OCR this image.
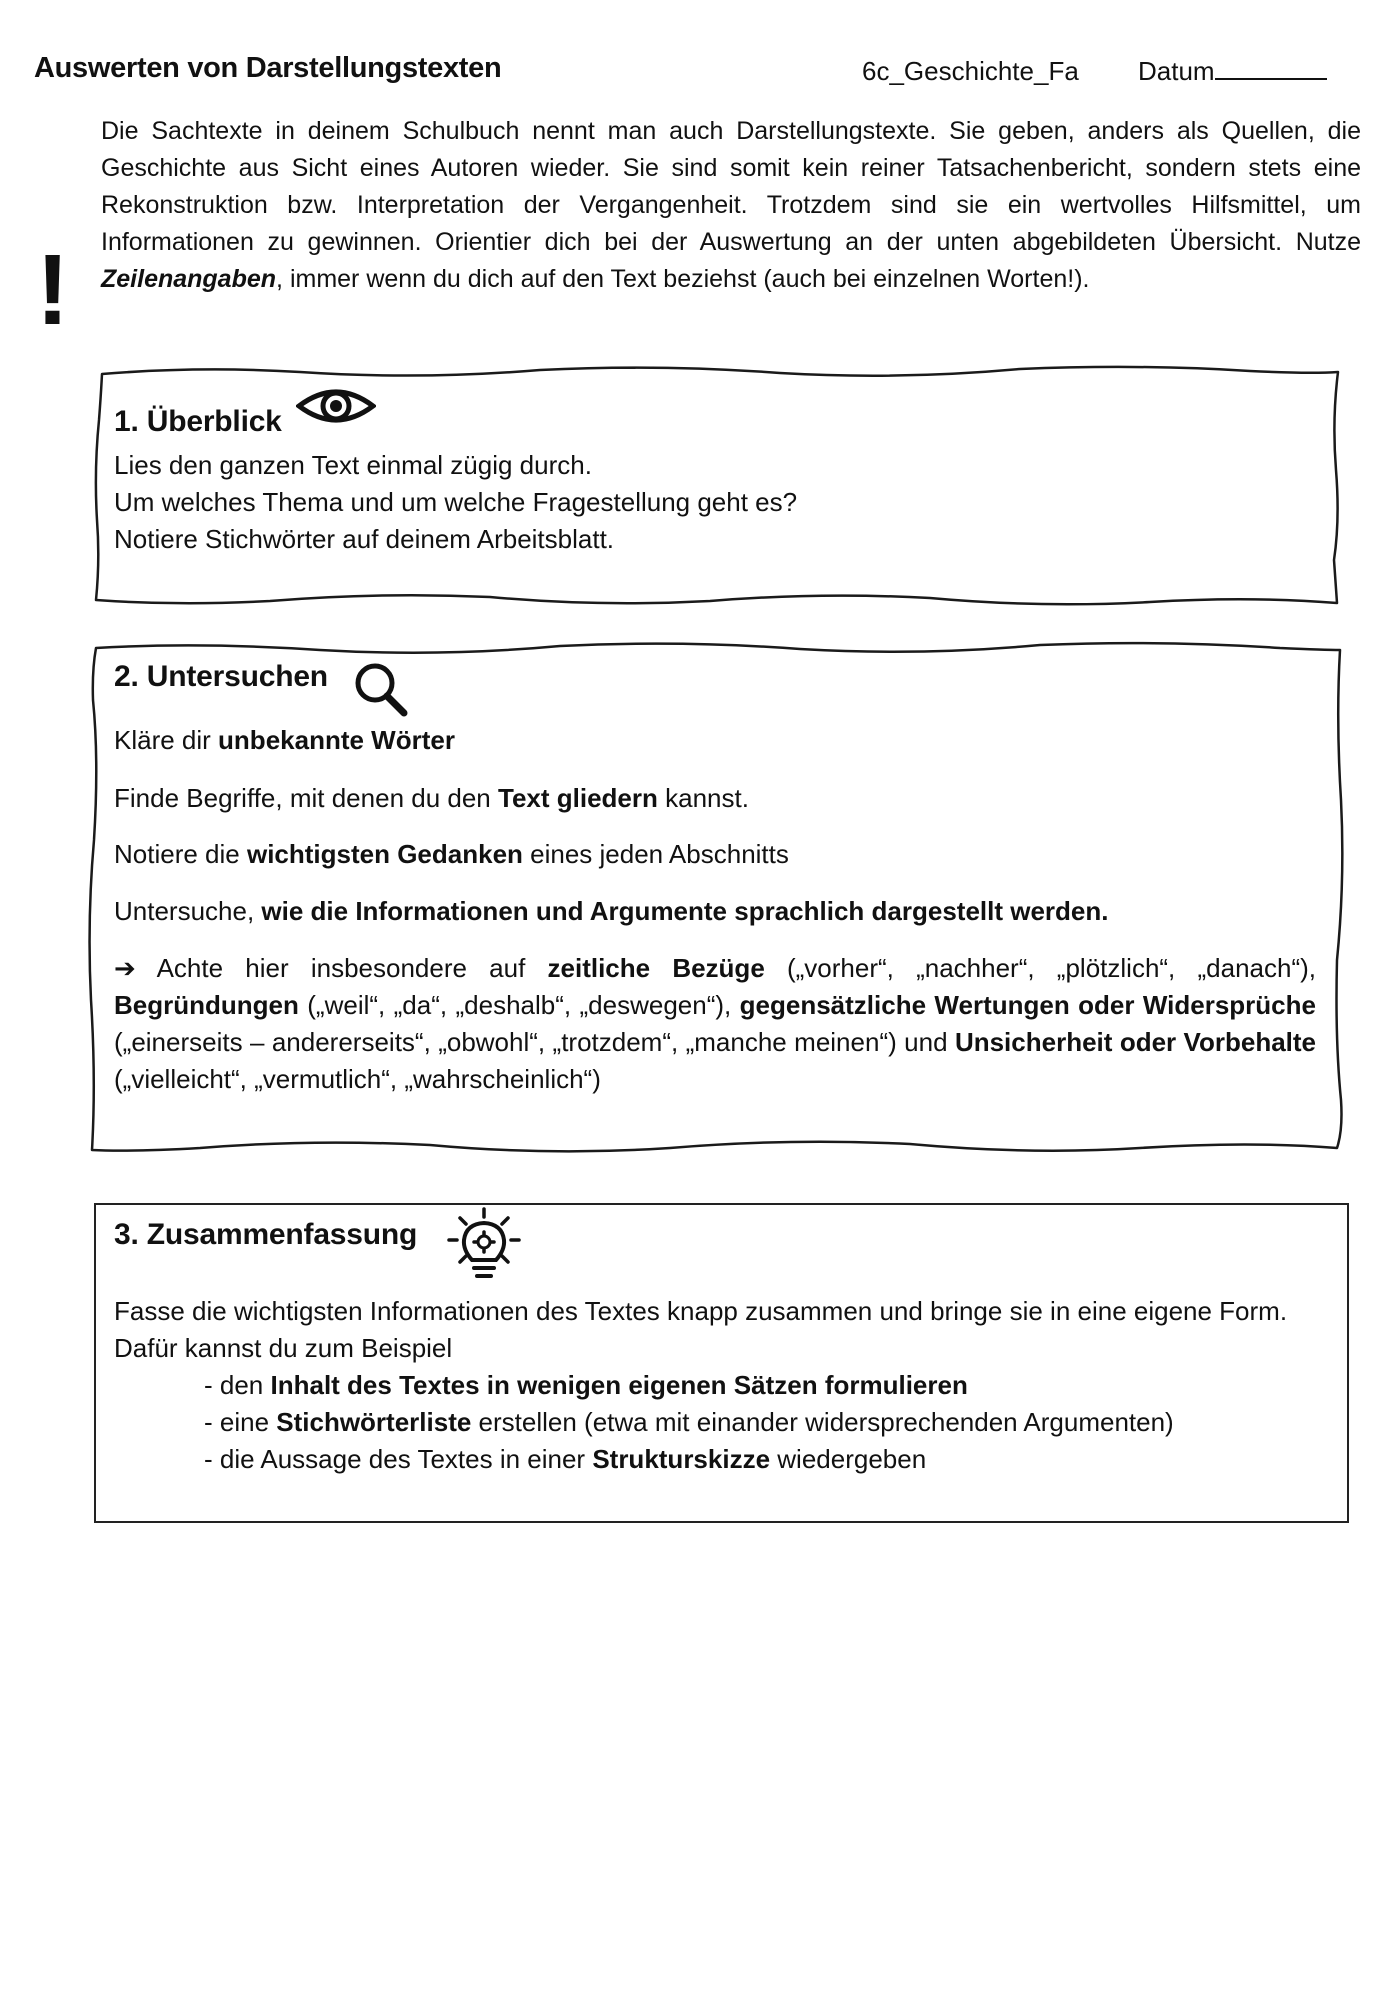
Auswerten von Darstellungstexten	6c_Geschichte_Fa Datum
!
Die Sachtexte in deinem Schulbuch nennt man auch Darstellungstexte. Sie geben, anders als Quellen, die Geschichte aus Sicht eines Autoren wieder. Sie sind somit kein reiner Tatsachenbericht, sondern stets eine Rekonstruktion bzw. Interpretation der Vergangenheit. Trotzdem sind sie ein wertvolles Hilfsmittel, um Informationen zu gewinnen. Orientier dich bei der Auswertung an der unten abgebildeten Übersicht. Nutze Zeilenangaben, immer wenn du dich auf den Text beziehst (auch bei einzelnen Worten!).
1. Überblick
Lies den ganzen Text einmal zügig durch.
Um welches Thema und um welche Fragestellung geht es?
Notiere Stichwörter auf deinem Arbeitsblatt.
2. Untersuchen
Kläre dir unbekannte Wörter
Finde Begriffe, mit denen du den Text gliedern kannst.
Notiere die wichtigsten Gedanken eines jeden Abschnitts
Untersuche, wie die Informationen und Argumente sprachlich dargestellt werden.
➔ Achte hier insbesondere auf zeitliche Bezüge („vorher“, „nachher“, „plötzlich“, „danach“), Begründungen („weil“, „da“, „deshalb“, „deswegen“), gegensätzliche Wertungen oder Widersprüche („einerseits – andererseits“, „obwohl“, „trotzdem“, „manche meinen“) und Unsicherheit oder Vorbehalte („vielleicht“, „vermutlich“, „wahrscheinlich“)
3. Zusammenfassung
Fasse die wichtigsten Informationen des Textes knapp zusammen und bringe sie in eine eigene Form. Dafür kannst du zum Beispiel
- den Inhalt des Textes in wenigen eigenen Sätzen formulieren
- eine Stichwörterliste erstellen (etwa mit einander widersprechenden Argumenten)
- die Aussage des Textes in einer Strukturskizze wiedergeben
